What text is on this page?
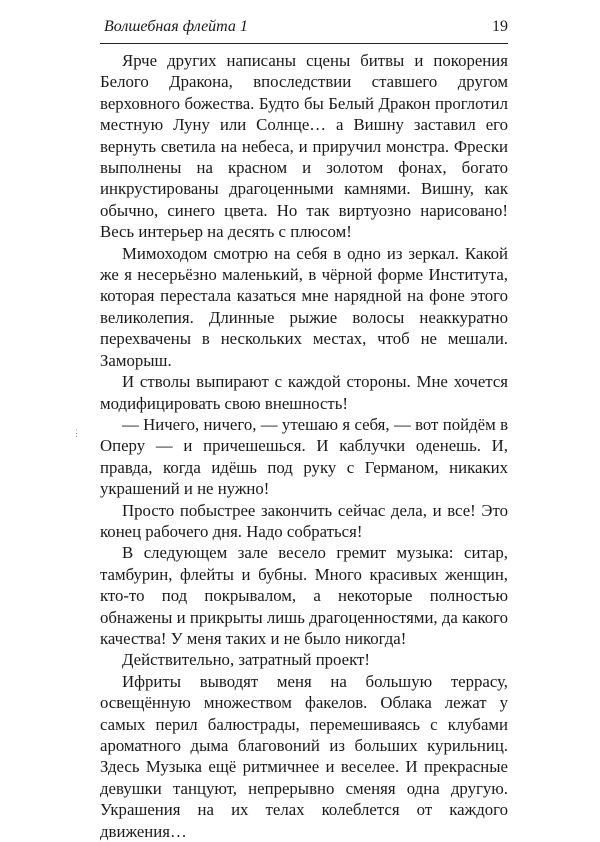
Волшебная флейта 1	19

Ярче других написаны сцены битвы и покорения Белого Дракона, впоследствии ставшего другом верховного божества. Будто бы Белый Дракон проглотил местную Луну или Солнце… а Вишну заставил его вернуть светила на небеса, и приручил монстра. Фрески выполнены на красном и золотом фонах, богато инкрустированы драгоценными камнями. Вишну, как обычно, синего цвета. Но так виртуозно нарисовано! Весь интерьер на десять с плюсом!

Мимоходом смотрю на себя в одно из зеркал. Какой же я несерьёзно маленький, в чёрной форме Института, которая перестала казаться мне нарядной на фоне этого великолепия. Длинные рыжие волосы неаккуратно перехвачены в нескольких местах, чтоб не мешали. Заморыш.

И стволы выпирают с каждой стороны. Мне хочется модифицировать свою внешность!

— Ничего, ничего, — утешаю я себя, — вот пойдём в Оперу — и причешешься. И каблучки оденешь. И, правда, когда идёшь под руку с Германом, никаких украшений и не нужно!

Просто побыстрее закончить сейчас дела, и все! Это конец рабочего дня. Надо собраться!

В следующем зале весело гремит музыка: ситар, тамбурин, флейты и бубны. Много красивых женщин, кто-то под покрывалом, а некоторые полностью обнажены и прикрыты лишь драгоценностями, да какого качества! У меня таких и не было никогда!

Действительно, затратный проект!

Ифриты выводят меня на большую террасу, освещённую множеством факелов. Облака лежат у самых перил балюстрады, перемешиваясь с клубами ароматного дыма благовоний из больших курильниц. Здесь Музыка ещё ритмичнее и веселее. И прекрасные девушки танцуют, непрерывно сменяя одна другую. Украшения на их телах колеблется от каждого движения…

⋮
